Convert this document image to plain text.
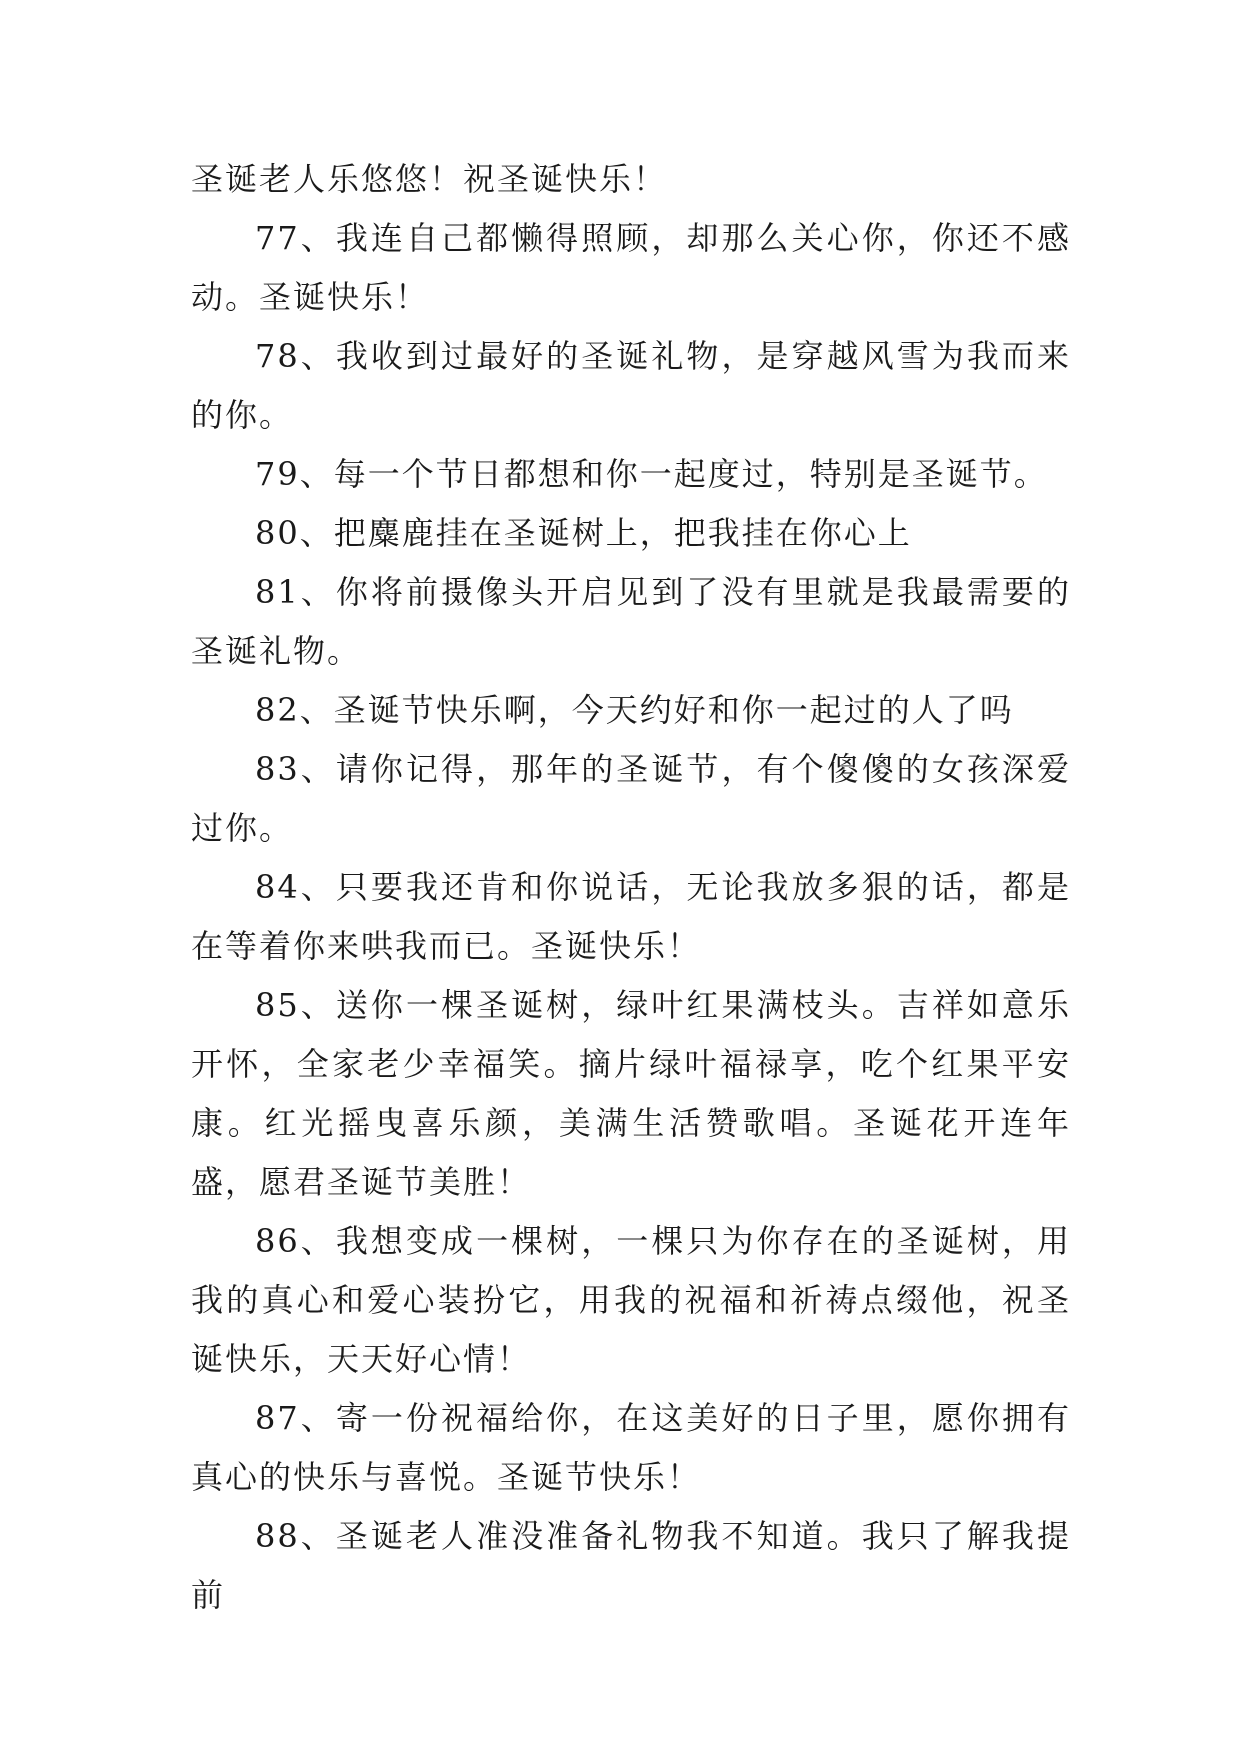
圣诞老人乐悠悠！祝圣诞快乐！

77、我连自己都懒得照顾，却那么关心你，你还不感动。圣诞快乐！

78、我收到过最好的圣诞礼物，是穿越风雪为我而来的你。

79、每一个节日都想和你一起度过，特别是圣诞节。

80、把麋鹿挂在圣诞树上，把我挂在你心上

81、你将前摄像头开启见到了没有里就是我最需要的圣诞礼物。

82、圣诞节快乐啊，今天约好和你一起过的人了吗

83、请你记得，那年的圣诞节，有个傻傻的女孩深爱过你。

84、只要我还肯和你说话，无论我放多狠的话，都是在等着你来哄我而已。圣诞快乐！

85、送你一棵圣诞树，绿叶红果满枝头。吉祥如意乐开怀，全家老少幸福笑。摘片绿叶福禄享，吃个红果平安康。红光摇曳喜乐颜，美满生活赞歌唱。圣诞花开连年盛，愿君圣诞节美胜！

86、我想变成一棵树，一棵只为你存在的圣诞树，用我的真心和爱心装扮它，用我的祝福和祈祷点缀他，祝圣诞快乐，天天好心情！

87、寄一份祝福给你，在这美好的日子里，愿你拥有真心的快乐与喜悦。圣诞节快乐！

88、圣诞老人准没准备礼物我不知道。我只了解我提前
